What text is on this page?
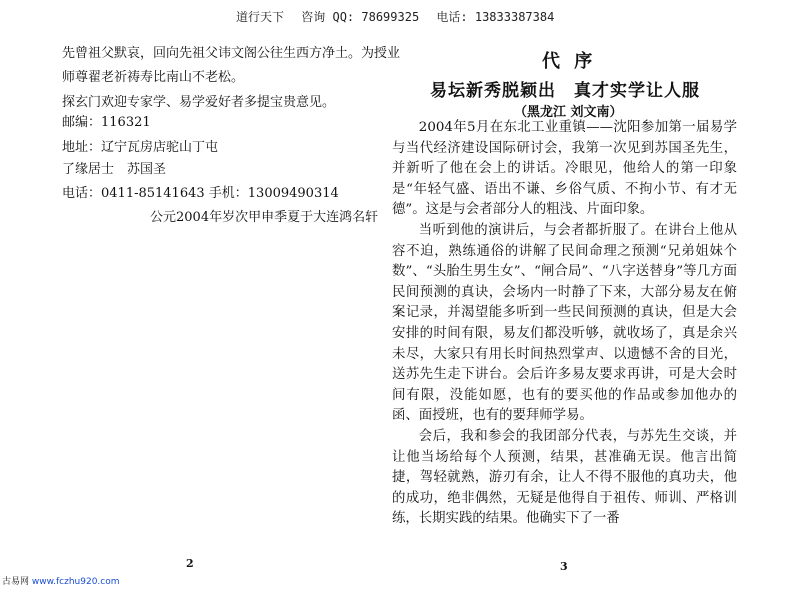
道行天下 咨询 QQ: 78699325 电话: 13833387384
先曾祖父默哀，回向先祖父讳文阁公往生西方净土。为授业
师尊翟老祈祷寿比南山不老松。
探玄门欢迎专家学、易学爱好者多提宝贵意见。
邮编：116321
地址：辽宁瓦房店驼山丁屯
了缘居士　苏国圣
电话：0411-85141643 手机：13009490314
公元2004年岁次甲申季夏于大连鸿名轩
2
代 序
易坛新秀脱颖出　真才实学让人服
（黑龙江 刘文南）

2004年5月在东北工业重镇——沈阳参加第一届易学与当代经济建设国际研讨会，我第一次见到苏国圣先生，并新听了他在会上的讲话。冷眼见，他给人的第一印象是“年轻气盛、语出不谦、乡俗气质、不拘小节、有才无德”。这是与会者部分人的粗浅、片面印象。

当听到他的演讲后，与会者都折服了。在讲台上他从容不迫，熟练通俗的讲解了民间命理之预测“兄弟姐妹个数”、“头胎生男生女”、“闸合局”、“八字送替身”等几方面民间预测的真诀，会场内一时静了下来，大部分易友在俯案记录，并渴望能多听到一些民间预测的真诀，但是大会安排的时间有限，易友们都没听够，就收场了，真是余兴未尽，大家只有用长时间热烈掌声、以遗憾不舍的目光，送苏先生走下讲台。会后许多易友要求再讲，可是大会时间有限，没能如愿，也有的要买他的作品或参加他办的函、面授班，也有的要拜师学易。

会后，我和参会的我团部分代表，与苏先生交谈，并让他当场给每个人预测，结果，甚准确无误。他言出简捷，驾轻就熟，游刃有余，让人不得不服他的真功夫，他的成功，绝非偶然，无疑是他得自于祖传、师训、严格训练，长期实践的结果。他确实下了一番

3
古易网 www.fczhu920.com
